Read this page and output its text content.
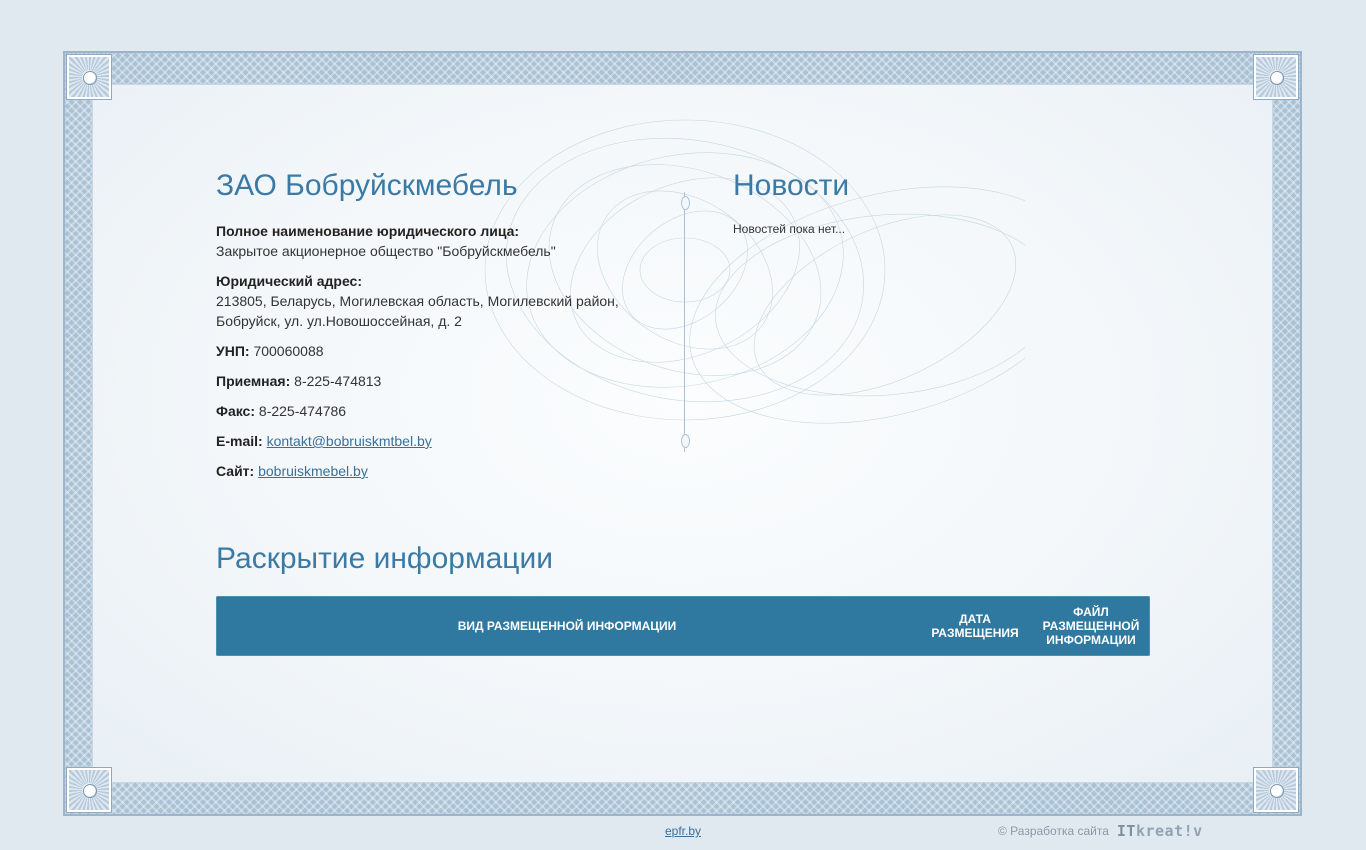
ЗАО Бобруйскмебель
Полное наименование юридического лица:
Закрытое акционерное общество "Бобруйскмебель"
Юридический адрес:
213805, Беларусь, Могилевская область, Могилевский район, Бобруйск, ул. ул.Новошоссейная, д. 2
УНП: 700060088
Приемная: 8-225-474813
Факс: 8-225-474786
E-mail: kontakt@bobruiskmtbel.by
Сайт: bobruiskmebel.by
Новости
Новостей пока нет...
Раскрытие информации
ВИД РАЗМЕЩЕННОЙ ИНФОРМАЦИИ	ДАТА РАЗМЕЩЕНИЯ
ФАЙЛ РАЗМЕЩЕННОЙ ИНФОРМАЦИИ
epfr.by	© Разработка сайта ITkreat!v
